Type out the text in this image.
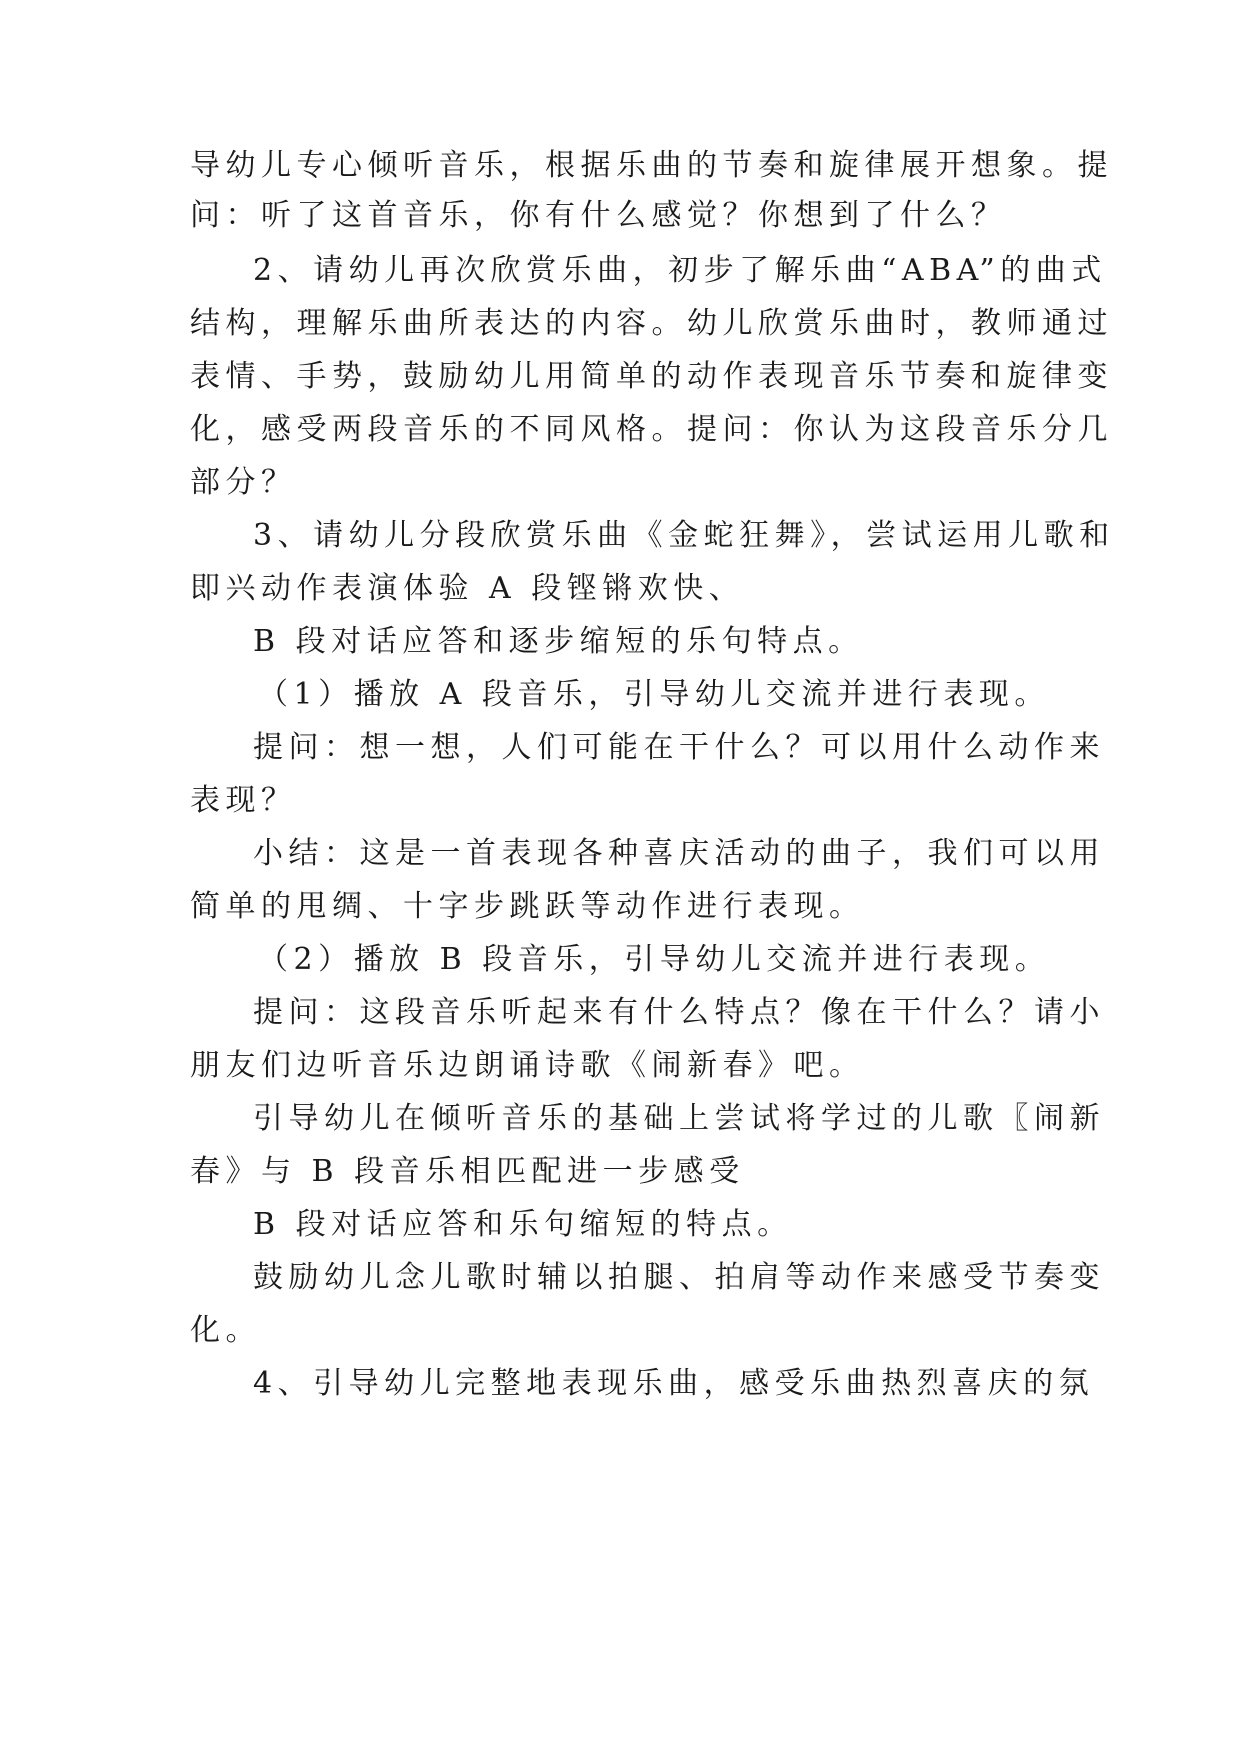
导幼儿专心倾听音乐，根据乐曲的节奏和旋律展开想象。提
问：听了这首音乐，你有什么感觉？你想到了什么？
2、请幼儿再次欣赏乐曲，初步了解乐曲“ABA”的曲式
结构，理解乐曲所表达的内容。幼儿欣赏乐曲时，教师通过
表情、手势，鼓励幼儿用简单的动作表现音乐节奏和旋律变
化，感受两段音乐的不同风格。提问：你认为这段音乐分几
部分？
3、请幼儿分段欣赏乐曲《金蛇狂舞》，尝试运用儿歌和
即兴动作表演体验 A 段铿锵欢快、
B 段对话应答和逐步缩短的乐句特点。
（1）播放 A 段音乐，引导幼儿交流并进行表现。
提问：想一想，人们可能在干什么？可以用什么动作来
表现？
小结：这是一首表现各种喜庆活动的曲子，我们可以用
简单的甩绸、十字步跳跃等动作进行表现。
（2）播放 B 段音乐，引导幼儿交流并进行表现。
提问：这段音乐听起来有什么特点？像在干什么？请小
朋友们边听音乐边朗诵诗歌《闹新春》吧。
引导幼儿在倾听音乐的基础上尝试将学过的儿歌〖闹新
春》与 B 段音乐相匹配进一步感受
B 段对话应答和乐句缩短的特点。
鼓励幼儿念儿歌时辅以拍腿、拍肩等动作来感受节奏变
化。
4、引导幼儿完整地表现乐曲，感受乐曲热烈喜庆的氛
